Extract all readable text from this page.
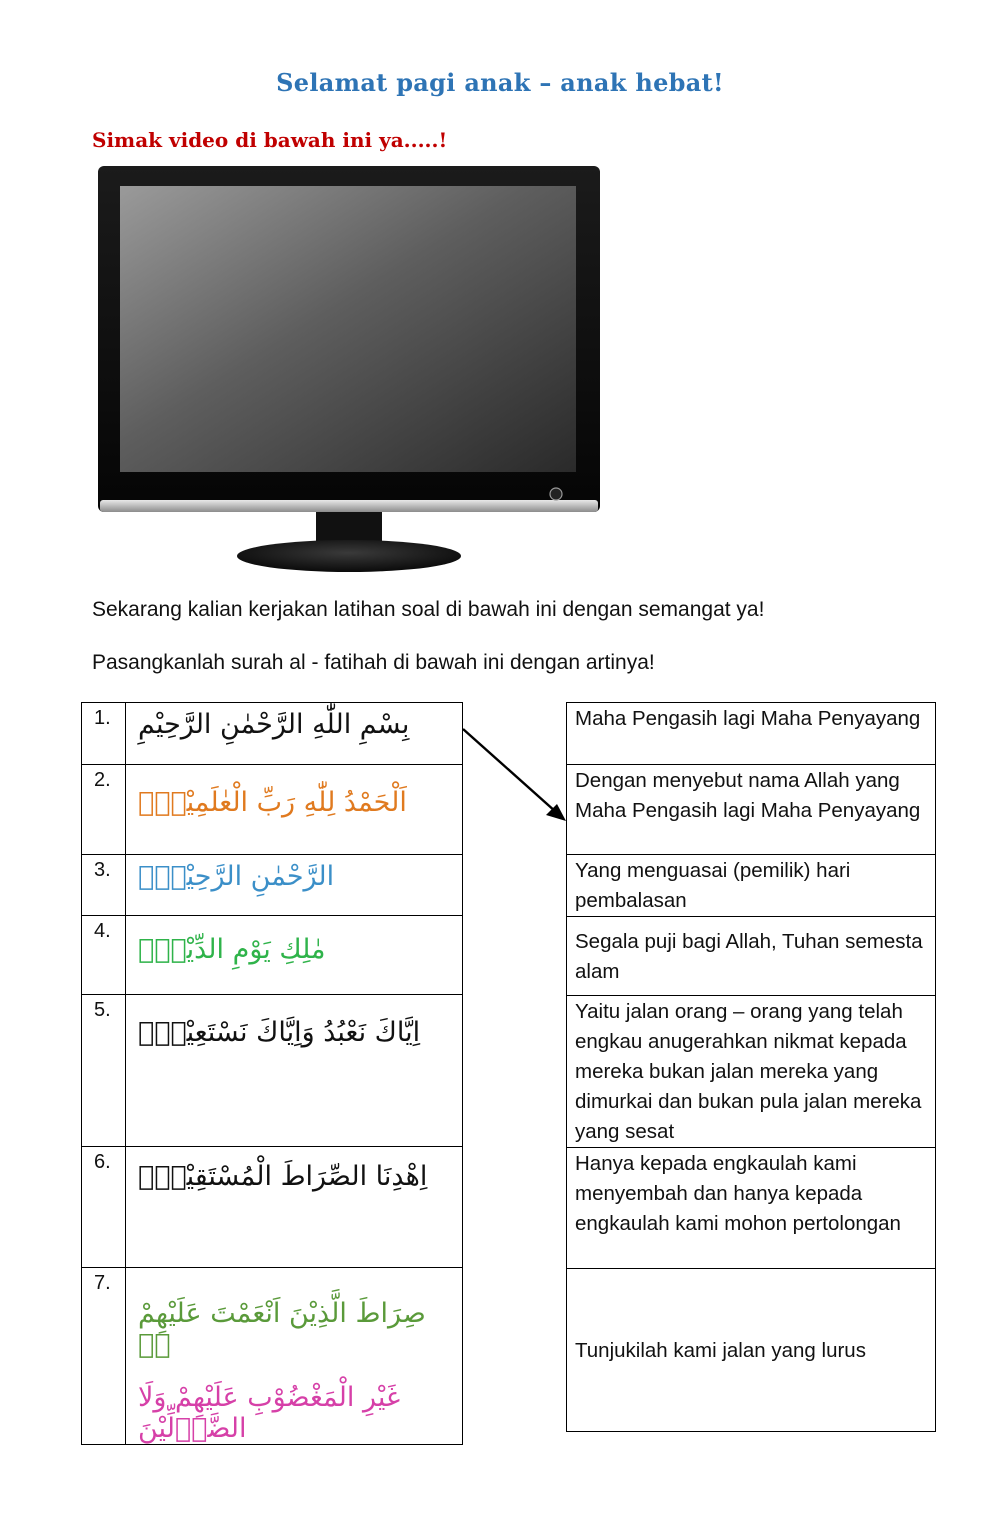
Selamat pagi anak – anak hebat!
Simak video di bawah ini ya.....!
Sekarang kalian kerjakan latihan soal di bawah ini dengan semangat ya!
Pasangkanlah surah al - fatihah di bawah ini dengan artinya!
1.	بِسْمِ اللّٰهِ الرَّحْمٰنِ الرَّحِيْمِ

2.	اَلْحَمْدُ لِلّٰهِ رَبِّ الْعٰلَمِيْنَۙ

3.	الرَّحْمٰنِ الرَّحِيْمِۙ

4.	مٰلِكِ يَوْمِ الدِّيْنِۗ

5.	اِيَّاكَ نَعْبُدُ وَاِيَّاكَ نَسْتَعِيْنُۗ

6.	اِهْدِنَا الصِّرَاطَ الْمُسْتَقِيْمَۙ

7.	صِرَاطَ الَّذِيْنَ اَنْعَمْتَ عَلَيْهِمْ ەۙ
غَيْرِ الْمَغْضُوْبِ عَلَيْهِمْ وَلَا الضَّاۤلِّيْنَ
Maha Pengasih lagi Maha Penyayang
Dengan menyebut nama Allah yang Maha Pengasih lagi Maha Penyayang
Yang menguasai (pemilik) hari pembalasan
Segala puji bagi Allah, Tuhan semesta alam
Yaitu jalan orang – orang yang telah engkau anugerahkan nikmat kepada mereka bukan jalan mereka yang dimurkai dan bukan pula jalan mereka yang sesat
Hanya kepada engkaulah kami menyembah dan hanya kepada engkaulah kami mohon pertolongan
Tunjukilah kami jalan yang lurus
